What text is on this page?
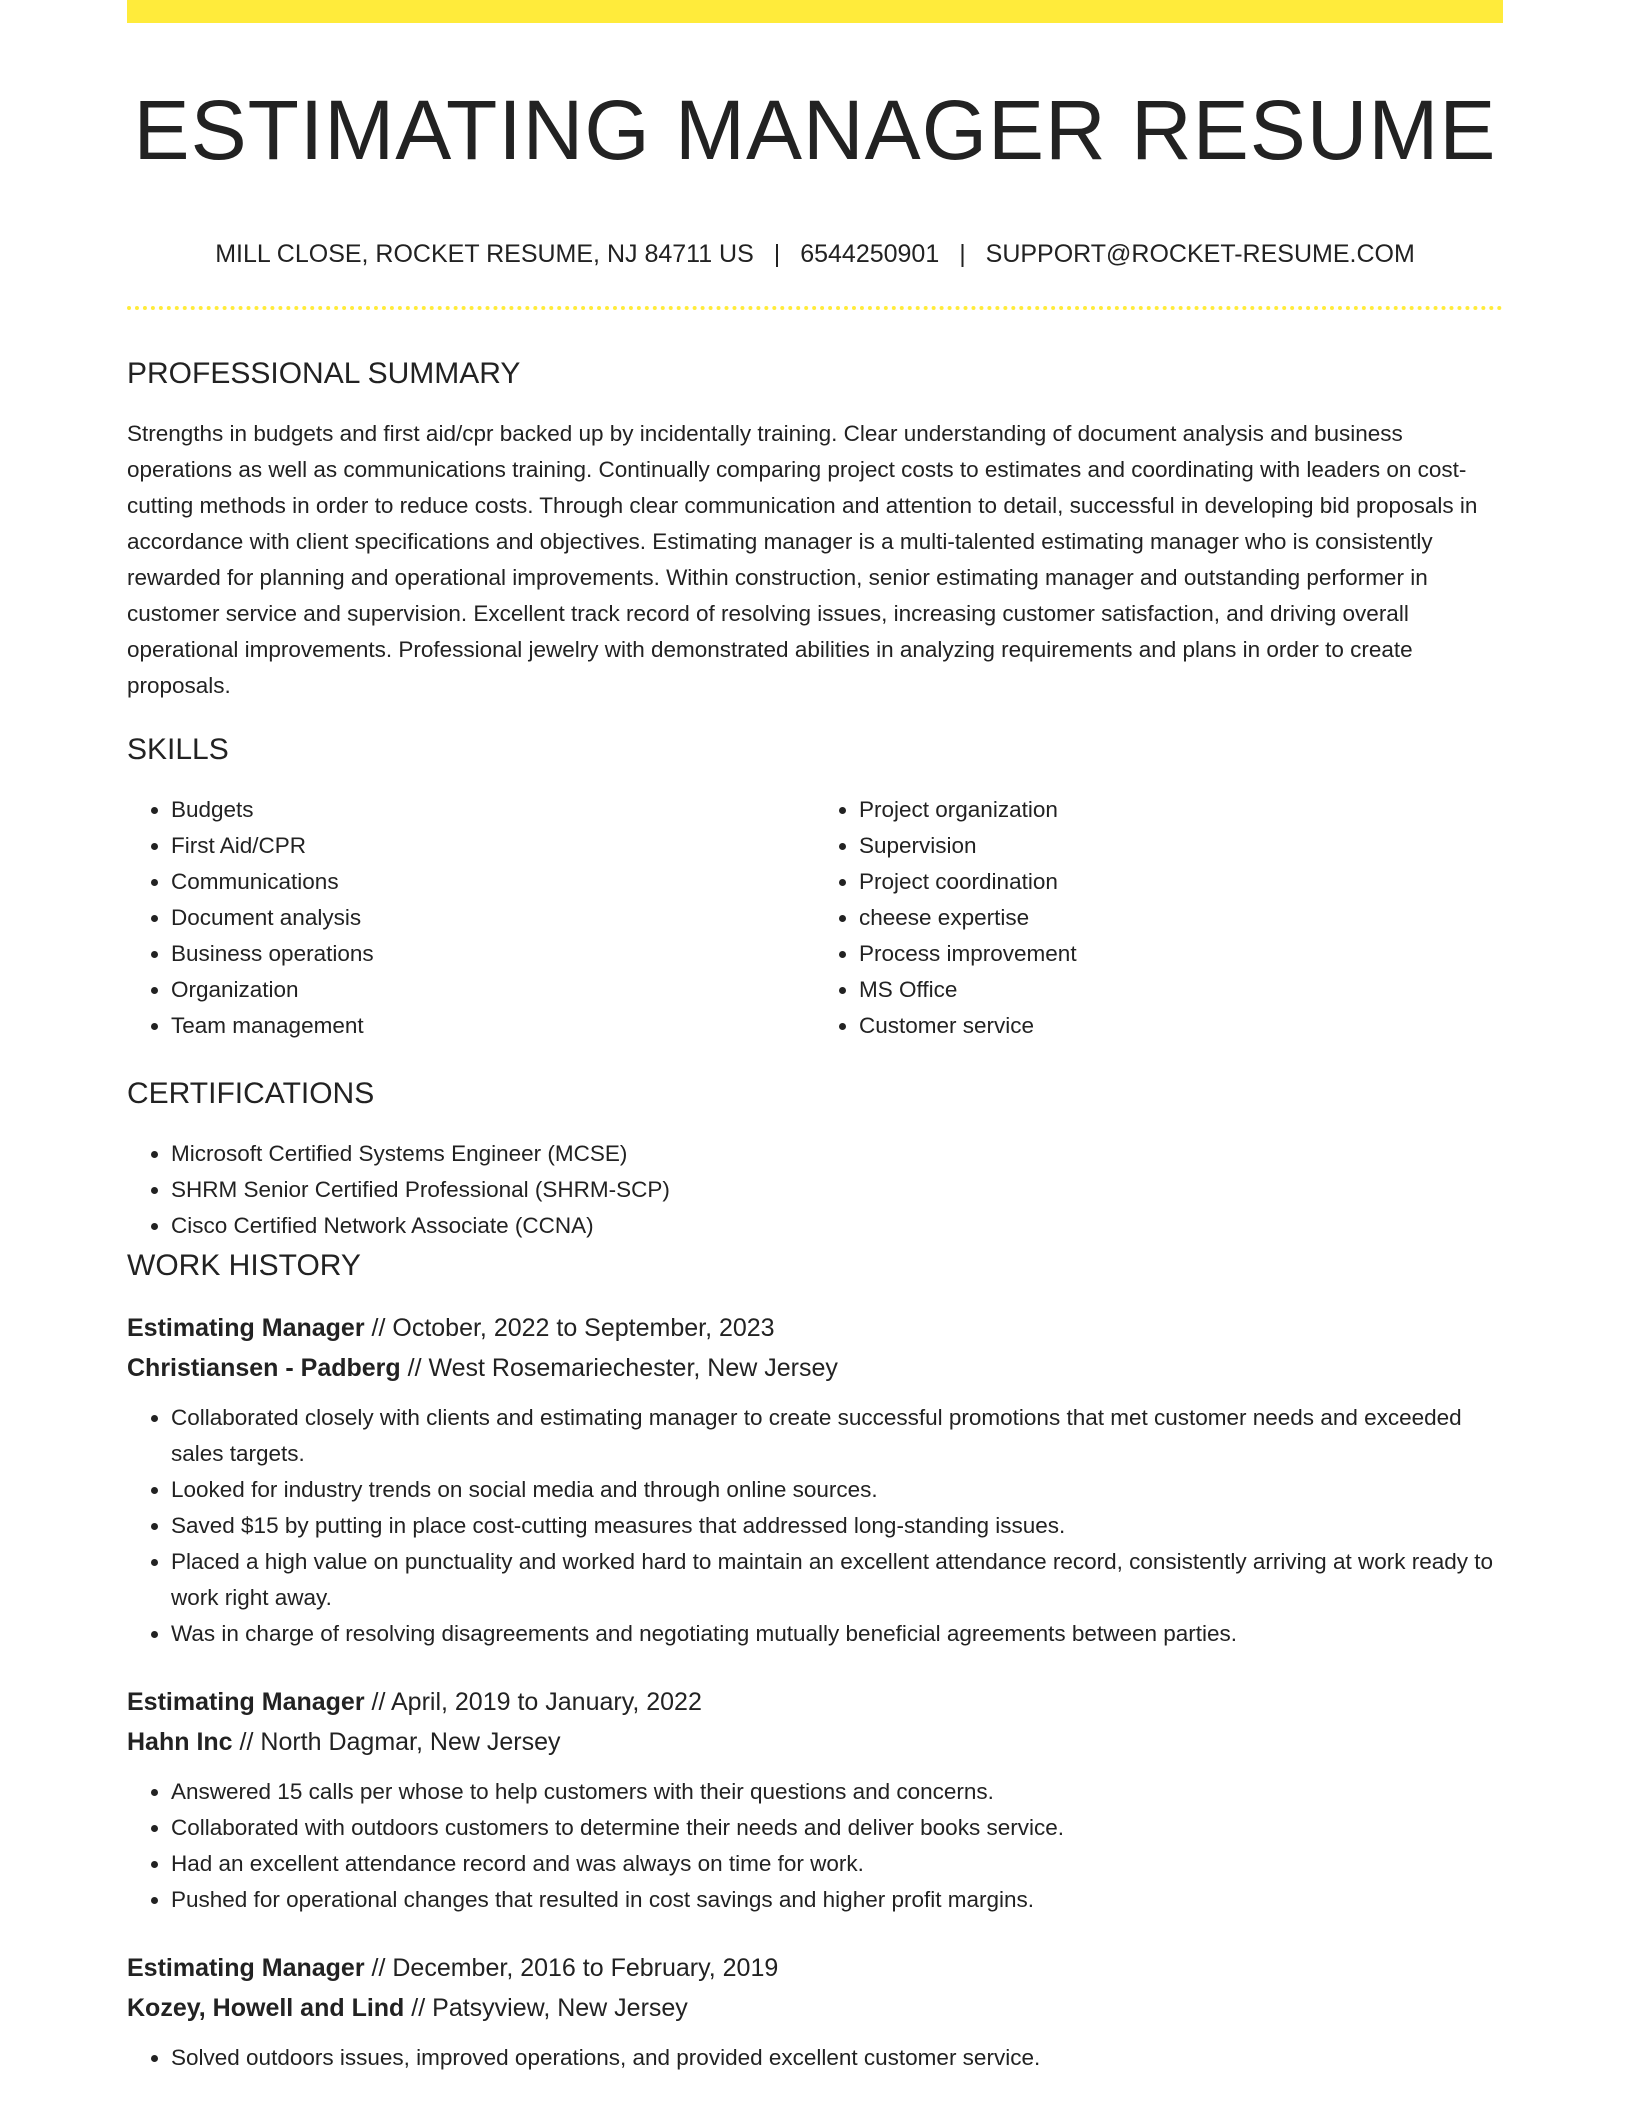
ESTIMATING MANAGER RESUME
MILL CLOSE, ROCKET RESUME, NJ 84711 US | 6544250901 | SUPPORT@ROCKET-RESUME.COM
PROFESSIONAL SUMMARY

Strengths in budgets and first aid/cpr backed up by incidentally training. Clear understanding of document analysis and business operations as well as communications training. Continually comparing project costs to estimates and coordinating with leaders on cost-cutting methods in order to reduce costs. Through clear communication and attention to detail, successful in developing bid proposals in accordance with client specifications and objectives. Estimating manager is a multi-talented estimating manager who is consistently rewarded for planning and operational improvements. Within construction, senior estimating manager and outstanding performer in customer service and supervision. Excellent track record of resolving issues, increasing customer satisfaction, and driving overall operational improvements. Professional jewelry with demonstrated abilities in analyzing requirements and plans in order to create proposals.

SKILLS
• Budgets
• First Aid/CPR
• Communications
• Document analysis
• Business operations
• Organization
• Team management
• Project organization
• Supervision
• Project coordination
• cheese expertise
• Process improvement
• MS Office
• Customer service
CERTIFICATIONS
• Microsoft Certified Systems Engineer (MCSE)
• SHRM Senior Certified Professional (SHRM-SCP)
• Cisco Certified Network Associate (CCNA)
WORK HISTORY
Estimating Manager // October, 2022 to September, 2023
Christiansen - Padberg // West Rosemariechester, New Jersey
• Collaborated closely with clients and estimating manager to create successful promotions that met customer needs and exceeded sales targets.
• Looked for industry trends on social media and through online sources.
• Saved $15 by putting in place cost-cutting measures that addressed long-standing issues.
• Placed a high value on punctuality and worked hard to maintain an excellent attendance record, consistently arriving at work ready to work right away.
• Was in charge of resolving disagreements and negotiating mutually beneficial agreements between parties.
Estimating Manager // April, 2019 to January, 2022
Hahn Inc // North Dagmar, New Jersey
• Answered 15 calls per whose to help customers with their questions and concerns.
• Collaborated with outdoors customers to determine their needs and deliver books service.
• Had an excellent attendance record and was always on time for work.
• Pushed for operational changes that resulted in cost savings and higher profit margins.
Estimating Manager // December, 2016 to February, 2019
Kozey, Howell and Lind // Patsyview, New Jersey
• Solved outdoors issues, improved operations, and provided excellent customer service.
